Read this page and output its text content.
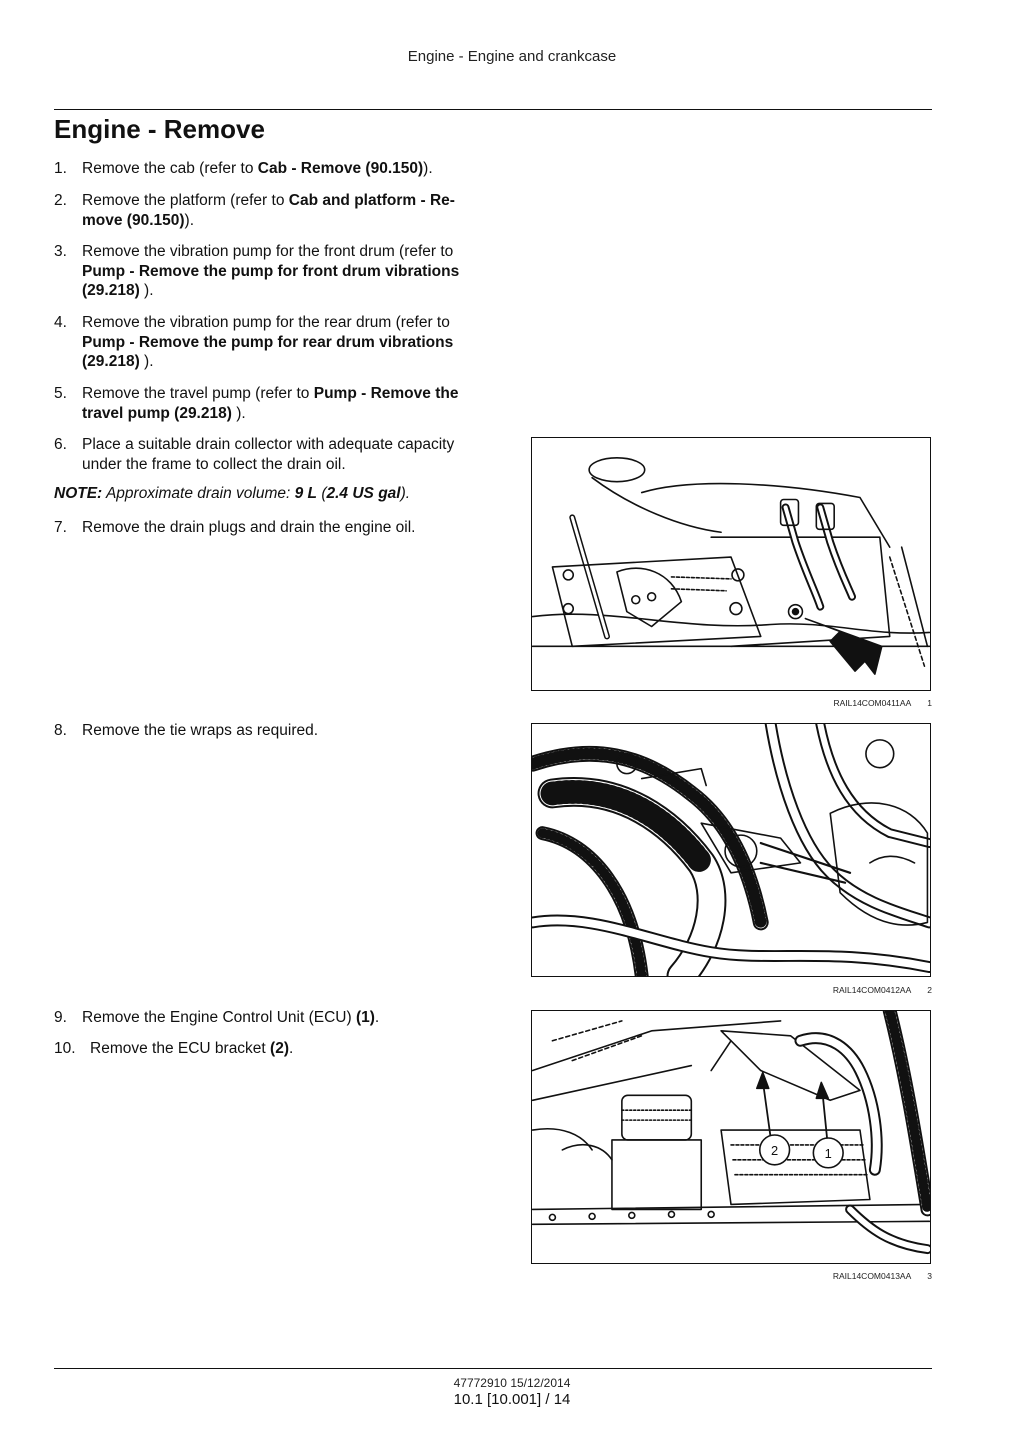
Engine - Engine and crankcase
Engine - Remove
1. Remove the cab (refer to Cab - Remove (90.150)).
2. Remove the platform (refer to Cab and platform - Re-move (90.150)).
3. Remove the vibration pump for the front drum (refer to Pump - Remove the pump for front drum vibrations (29.218) ).
4. Remove the vibration pump for the rear drum (refer to Pump - Remove the pump for rear drum vibrations (29.218) ).
5. Remove the travel pump (refer to Pump - Remove the travel pump (29.218) ).
6. Place a suitable drain collector with adequate capacity under the frame to collect the drain oil.
NOTE: Approximate drain volume: 9 L (2.4 US gal).
7. Remove the drain plugs and drain the engine oil.
8. Remove the tie wraps as required.
9. Remove the Engine Control Unit (ECU) (1).
10. Remove the ECU bracket (2).
RAIL14COM0411AA 1
RAIL14COM0412AA 2
2	1
RAIL14COM0413AA 3
47772910 15/12/2014
10.1 [10.001] / 14
